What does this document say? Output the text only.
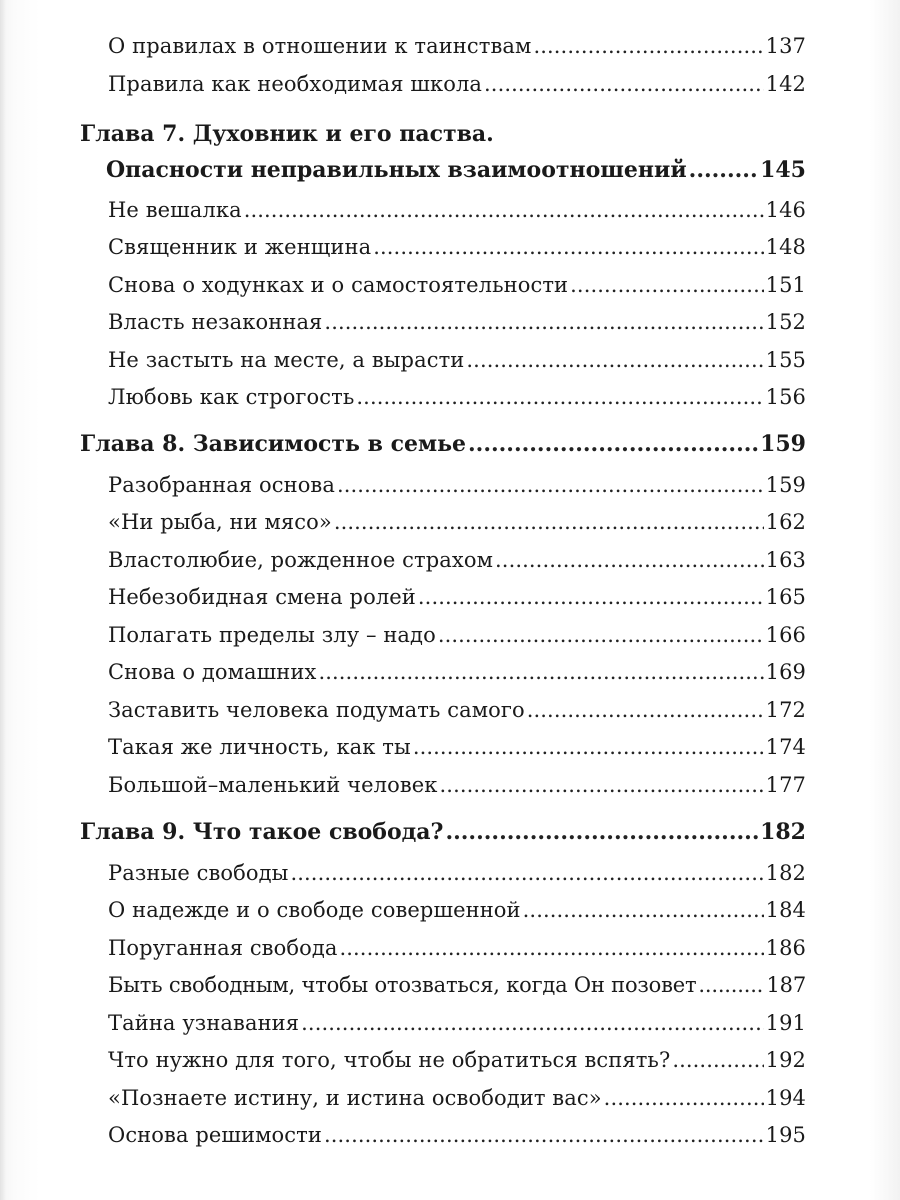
О правилах в отношении к таинствам .....	137
Правила как необходимая школа .....	142
Глава 7. Духовник и его паства.
Опасности неправильных взаимоотношений .....	145
Не вешалка .....	146
Священник и женщина .....	148
Снова о ходунках и о самостоятельности .....	151
Власть незаконная .....	152
Не застыть на месте, а вырасти .....	155
Любовь как строгость .....	156
Глава 8. Зависимость в семье .....	159
Разобранная основа .....	159
«Ни рыба, ни мясо» .....	162
Властолюбие, рожденное страхом .....	163
Небезобидная смена ролей .....	165
Полагать пределы злу – надо .....	166
Снова о домашних .....	169
Заставить человека подумать самого .....	172
Такая же личность, как ты .....	174
Большой–маленький человек .....	177
Глава 9. Что такое свобода? .....	182
Разные свободы .....	182
О надежде и о свободе совершенной .....	184
Поруганная свобода .....	186
Быть свободным, чтобы отозваться, когда Он позовет .....	187
Тайна узнавания .....	191
Что нужно для того, чтобы не обратиться вспять? .....	192
«Познаете истину, и истина освободит вас» .....	194
Основа решимости .....	195
